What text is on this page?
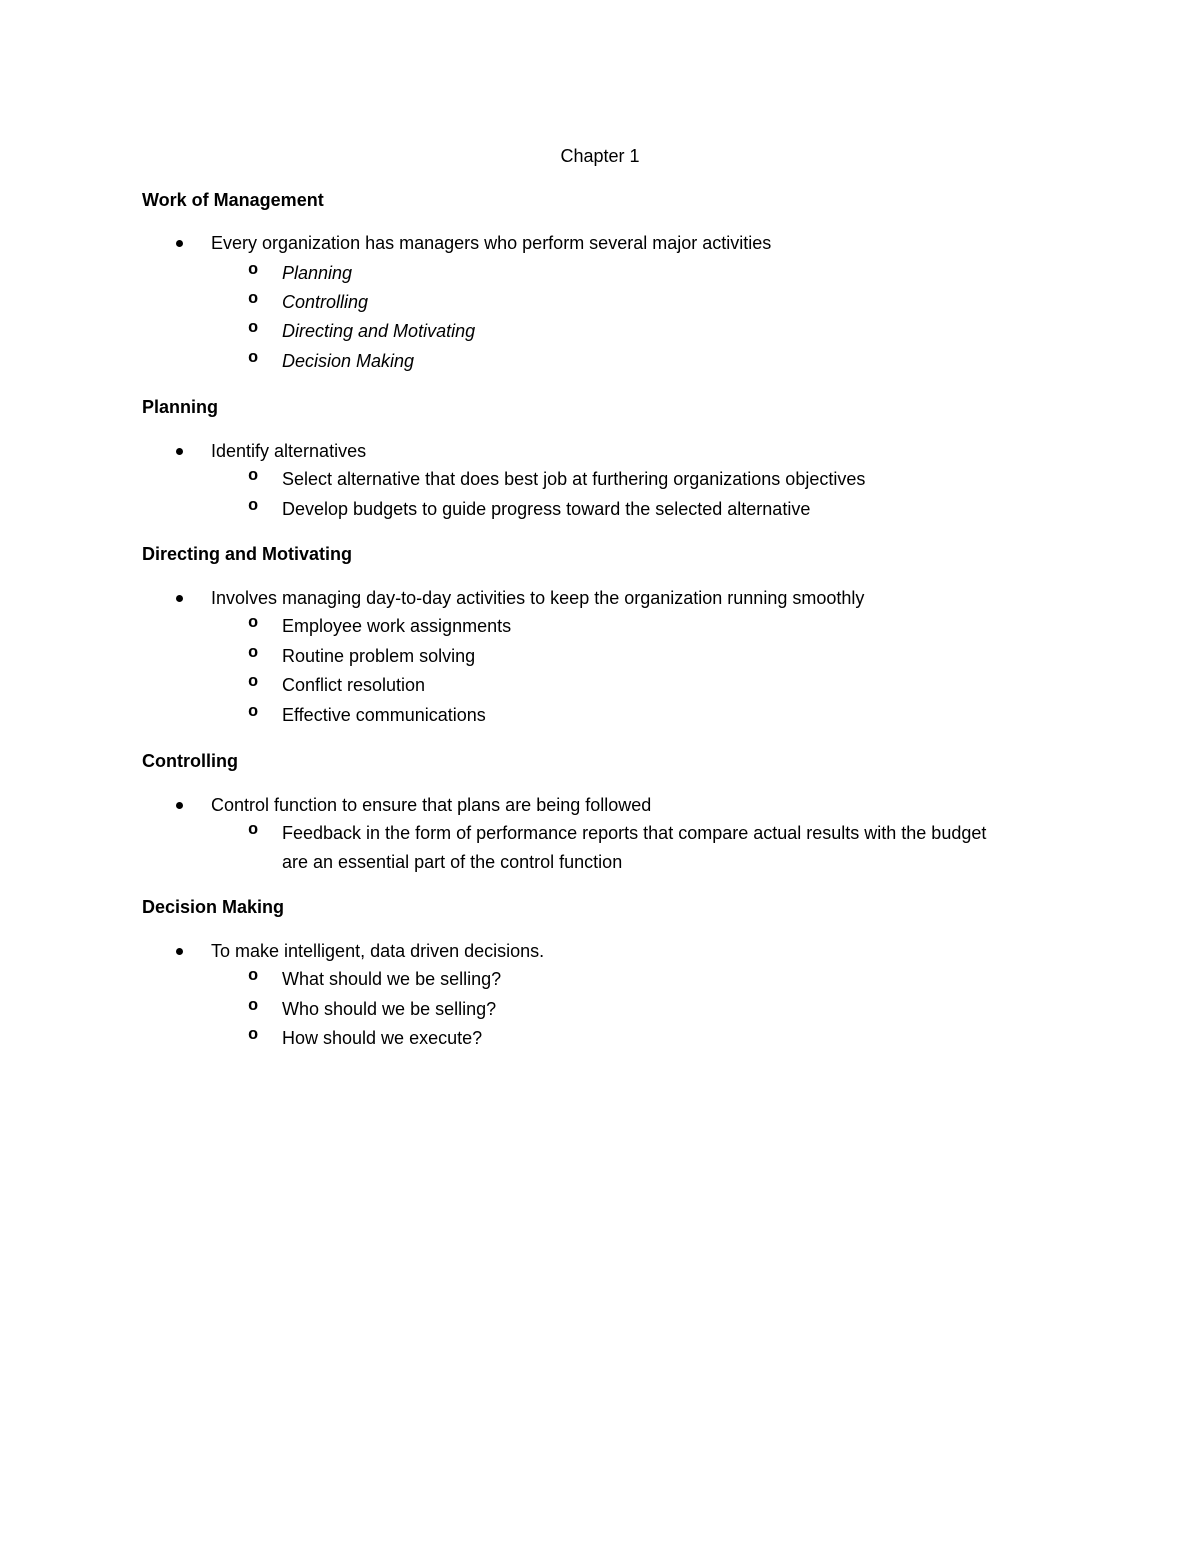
Chapter 1
Work of Management
Every organization has managers who perform several major activities
o Planning
o Controlling
o Directing and Motivating
o Decision Making
Planning
Identify alternatives
o Select alternative that does best job at furthering organizations objectives
o Develop budgets to guide progress toward the selected alternative
Directing and Motivating
Involves managing day-to-day activities to keep the organization running smoothly
o Employee work assignments
o Routine problem solving
o Conflict resolution
o Effective communications
Controlling
Control function to ensure that plans are being followed
o Feedback in the form of performance reports that compare actual results with the budget are an essential part of the control function
Decision Making
To make intelligent, data driven decisions.
o What should we be selling?
o Who should we be selling?
o How should we execute?
